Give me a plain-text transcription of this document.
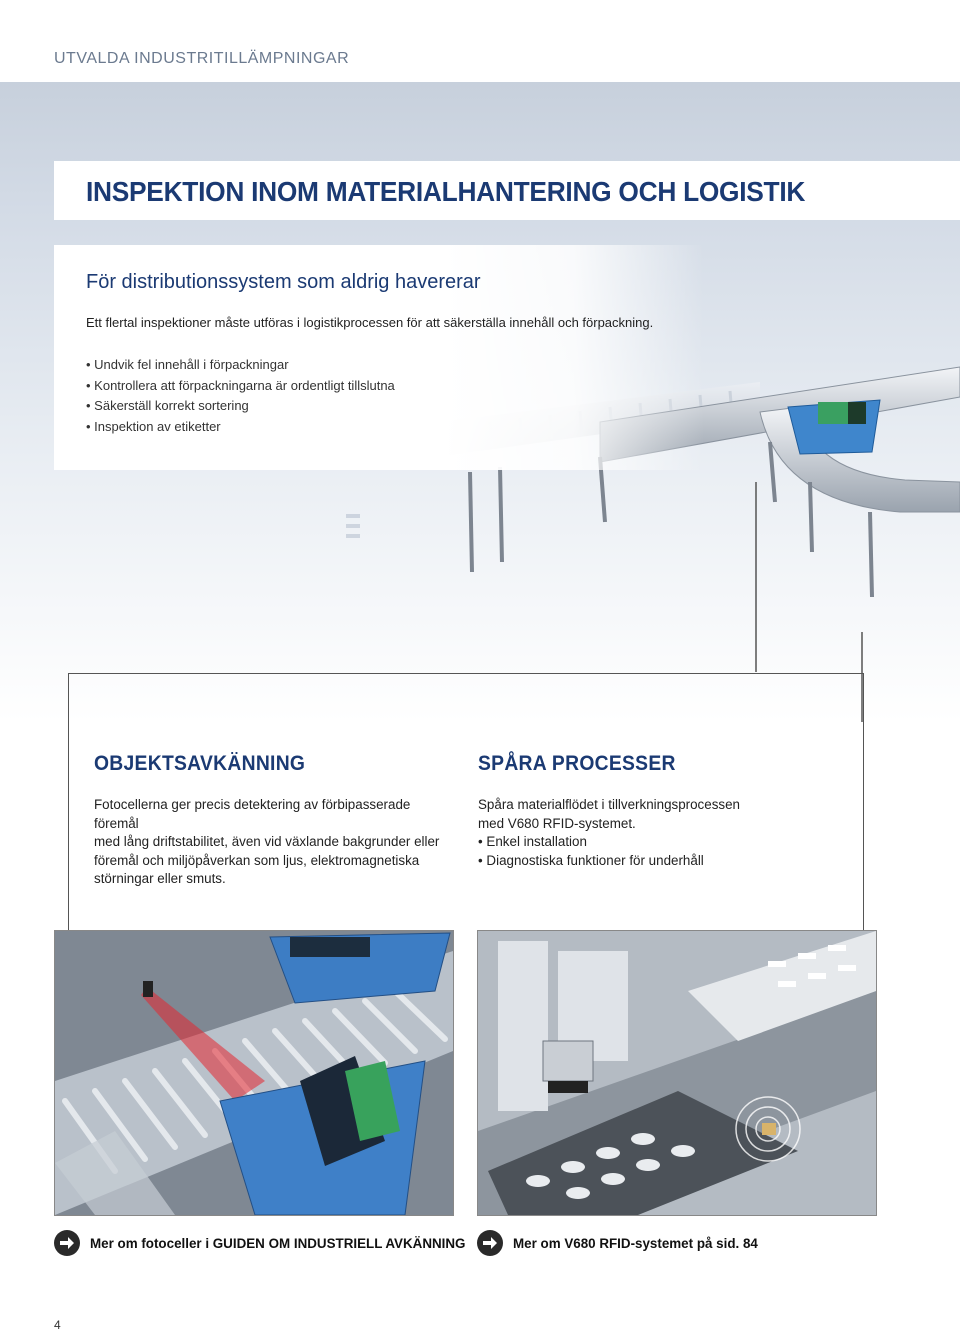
UTVALDA INDUSTRITILLÄMPNINGAR
INSPEKTION INOM MATERIALHANTERING OCH LOGISTIK
För distributionssystem som aldrig havererar

Ett flertal inspektioner måste utföras i logistikprocessen för att säkerställa innehåll och förpackning.

• Undvik fel innehåll i förpackningar
• Kontrollera att förpackningarna är ordentligt tillslutna
• Säkerställ korrekt sortering
• Inspektion av etiketter
OBJEKTSAVKÄNNING

Fotocellerna ger precis detektering av förbipasserade föremål

med lång driftstabilitet, även vid växlande bakgrunder eller

föremål och miljöpåverkan som ljus, elektromagnetiska

störningar eller smuts.

SPÅRA PROCESSER

Spåra materialflödet i tillverkningsprocessen

med V680 RFID-systemet.

• Enkel installation
• Diagnostiska funktioner för underhåll
Mer om fotoceller i GUIDEN OM INDUSTRIELL AVKÄNNING	Mer om V680 RFID-systemet på sid. 84
4
